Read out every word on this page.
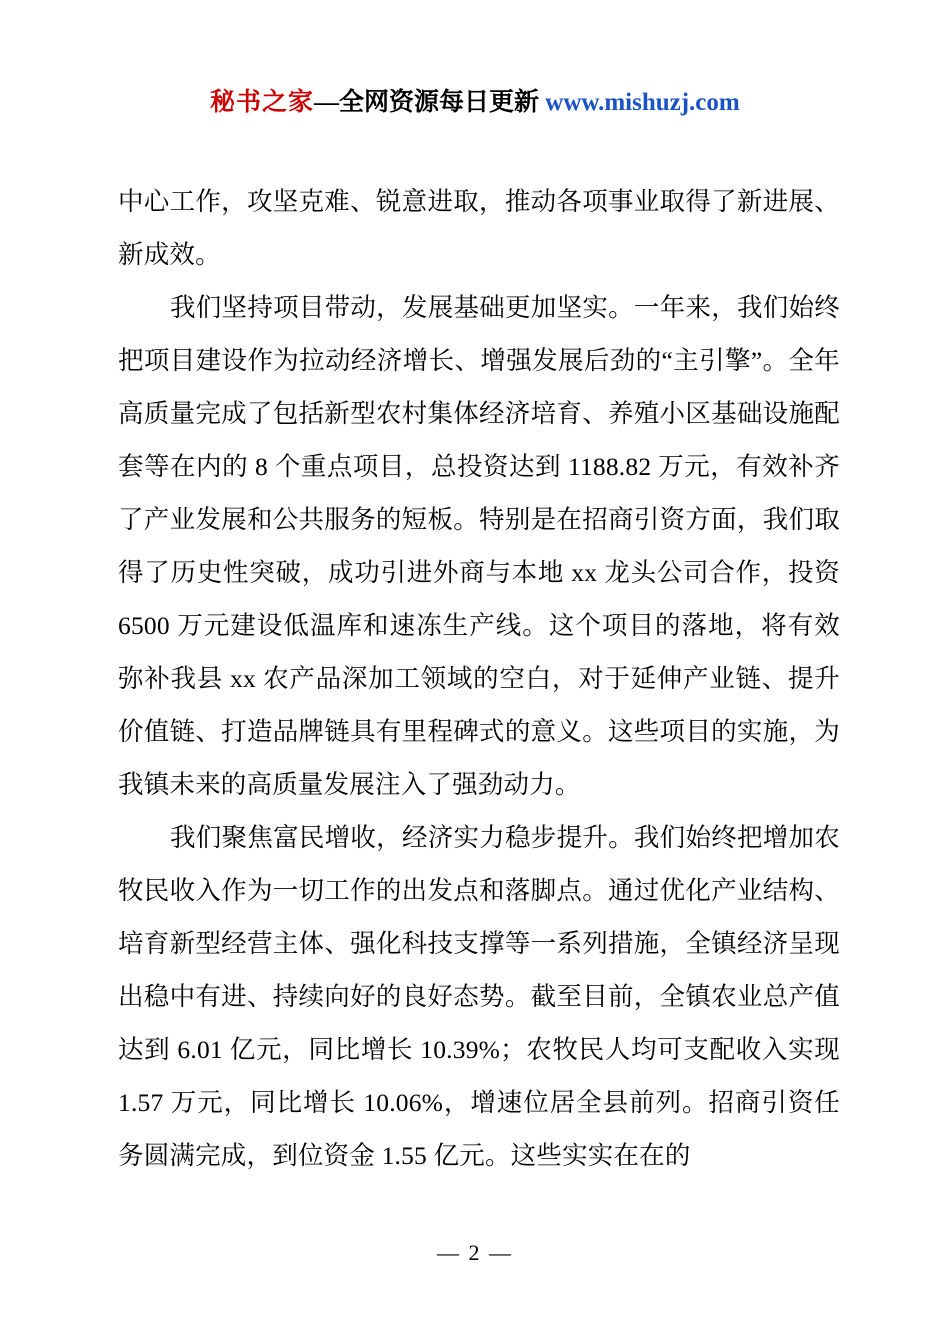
秘书之家—全网资源每日更新 www.mishuzj.com

中心工作，攻坚克难、锐意进取，推动各项事业取得了新进展、新成效。

我们坚持项目带动，发展基础更加坚实。一年来，我们始终把项目建设作为拉动经济增长、增强发展后劲的“主引擎”。全年高质量完成了包括新型农村集体经济培育、养殖小区基础设施配套等在内的 8 个重点项目，总投资达到 1188.82 万元，有效补齐了产业发展和公共服务的短板。特别是在招商引资方面，我们取得了历史性突破，成功引进外商与本地 xx 龙头公司合作，投资 6500 万元建设低温库和速冻生产线。这个项目的落地，将有效弥补我县 xx 农产品深加工领域的空白，对于延伸产业链、提升价值链、打造品牌链具有里程碑式的意义。这些项目的实施，为我镇未来的高质量发展注入了强劲动力。

我们聚焦富民增收，经济实力稳步提升。我们始终把增加农牧民收入作为一切工作的出发点和落脚点。通过优化产业结构、培育新型经营主体、强化科技支撑等一系列措施，全镇经济呈现出稳中有进、持续向好的良好态势。截至目前，全镇农业总产值达到 6.01 亿元，同比增长 10.39%；农牧民人均可支配收入实现 1.57 万元，同比增长 10.06%，增速位居全县前列。招商引资任务圆满完成，到位资金 1.55 亿元。这些实实在在的

— 2 —
